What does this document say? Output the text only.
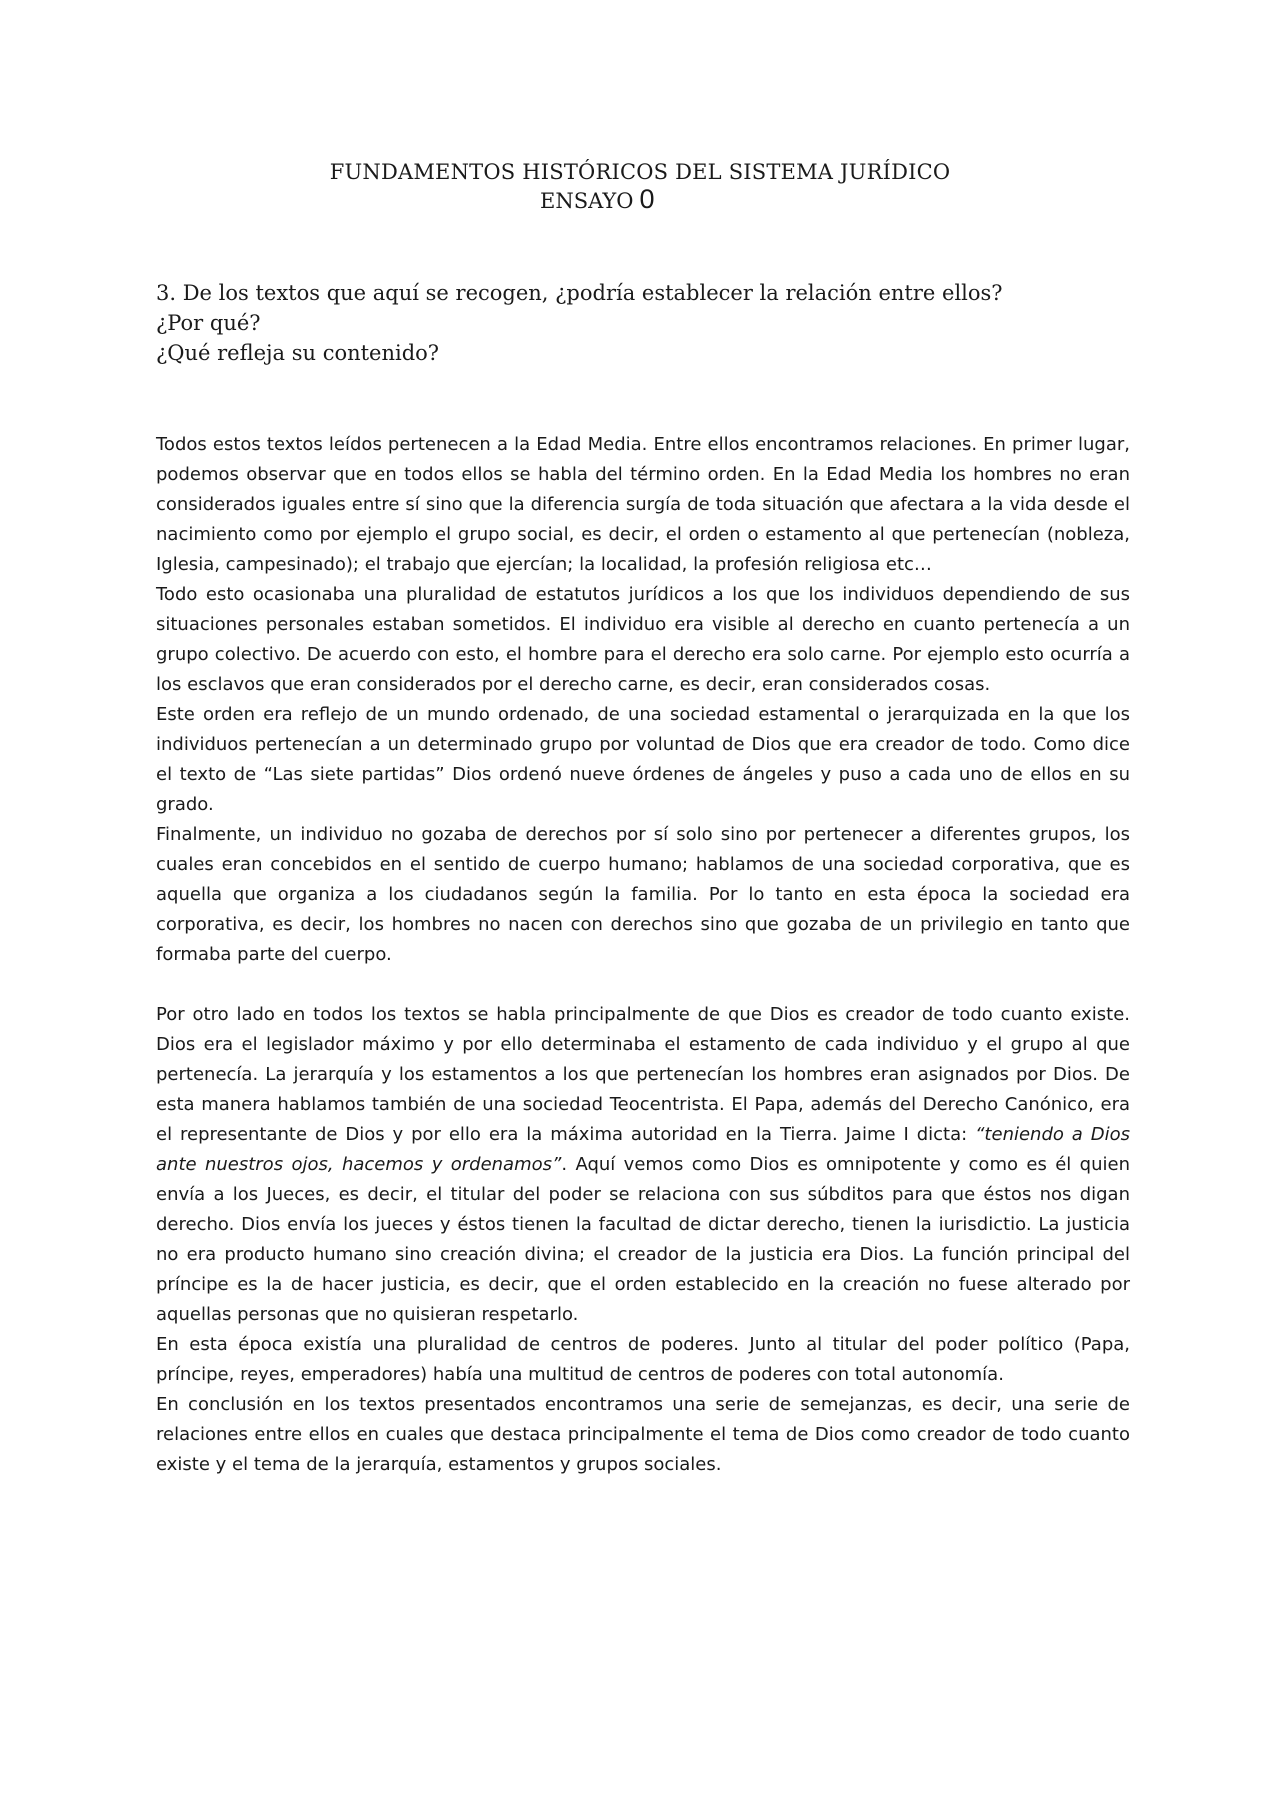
FUNDAMENTOS HISTÓRICOS DEL SISTEMA JURÍDICO
ENSAYO 0
3. De los textos que aquí se recogen, ¿podría establecer la relación entre ellos?
¿Por qué?
¿Qué refleja su contenido?

Todos estos textos leídos pertenecen a la Edad Media. Entre ellos encontramos relaciones. En primer lugar, podemos observar que en todos ellos se habla del término orden. En la Edad Media los hombres no eran considerados iguales entre sí sino que la diferencia surgía de toda situación que afectara a la vida desde el nacimiento como por ejemplo el grupo social, es decir, el orden o estamento al que pertenecían (nobleza, Iglesia, campesinado); el trabajo que ejercían; la localidad, la profesión religiosa etc…

Todo esto ocasionaba una pluralidad de estatutos jurídicos a los que los individuos dependiendo de sus situaciones personales estaban sometidos. El individuo era visible al derecho en cuanto pertenecía a un grupo colectivo. De acuerdo con esto, el hombre para el derecho era solo carne. Por ejemplo esto ocurría a los esclavos que eran considerados por el derecho carne, es decir, eran considerados cosas.

Este orden era reflejo de un mundo ordenado, de una sociedad estamental o jerarquizada en la que los individuos pertenecían a un determinado grupo por voluntad de Dios que era creador de todo. Como dice el texto de “Las siete partidas” Dios ordenó nueve órdenes de ángeles y puso a cada uno de ellos en su grado.

Finalmente, un individuo no gozaba de derechos por sí solo sino por pertenecer a diferentes grupos, los cuales eran concebidos en el sentido de cuerpo humano; hablamos de una sociedad corporativa, que es aquella que organiza a los ciudadanos según la familia. Por lo tanto en esta época la sociedad era corporativa, es decir, los hombres no nacen con derechos sino que gozaba de un privilegio en tanto que formaba parte del cuerpo.

Por otro lado en todos los textos se habla principalmente de que Dios es creador de todo cuanto existe. Dios era el legislador máximo y por ello determinaba el estamento de cada individuo y el grupo al que pertenecía. La jerarquía y los estamentos a los que pertenecían los hombres eran asignados por Dios. De esta manera hablamos también de una sociedad Teocentrista. El Papa, además del Derecho Canónico, era el representante de Dios y por ello era la máxima autoridad en la Tierra. Jaime I dicta: “teniendo a Dios ante nuestros ojos, hacemos y ordenamos”. Aquí vemos como Dios es omnipotente y como es él quien envía a los Jueces, es decir, el titular del poder se relaciona con sus súbditos para que éstos nos digan derecho. Dios envía los jueces y éstos tienen la facultad de dictar derecho, tienen la iurisdictio. La justicia no era producto humano sino creación divina; el creador de la justicia era Dios. La función principal del príncipe es la de hacer justicia, es decir, que el orden establecido en la creación no fuese alterado por aquellas personas que no quisieran respetarlo.

En esta época existía una pluralidad de centros de poderes. Junto al titular del poder político (Papa, príncipe, reyes, emperadores) había una multitud de centros de poderes con total autonomía.

En conclusión en los textos presentados encontramos una serie de semejanzas, es decir, una serie de relaciones entre ellos en cuales que destaca principalmente el tema de Dios como creador de todo cuanto existe y el tema de la jerarquía, estamentos y grupos sociales.
